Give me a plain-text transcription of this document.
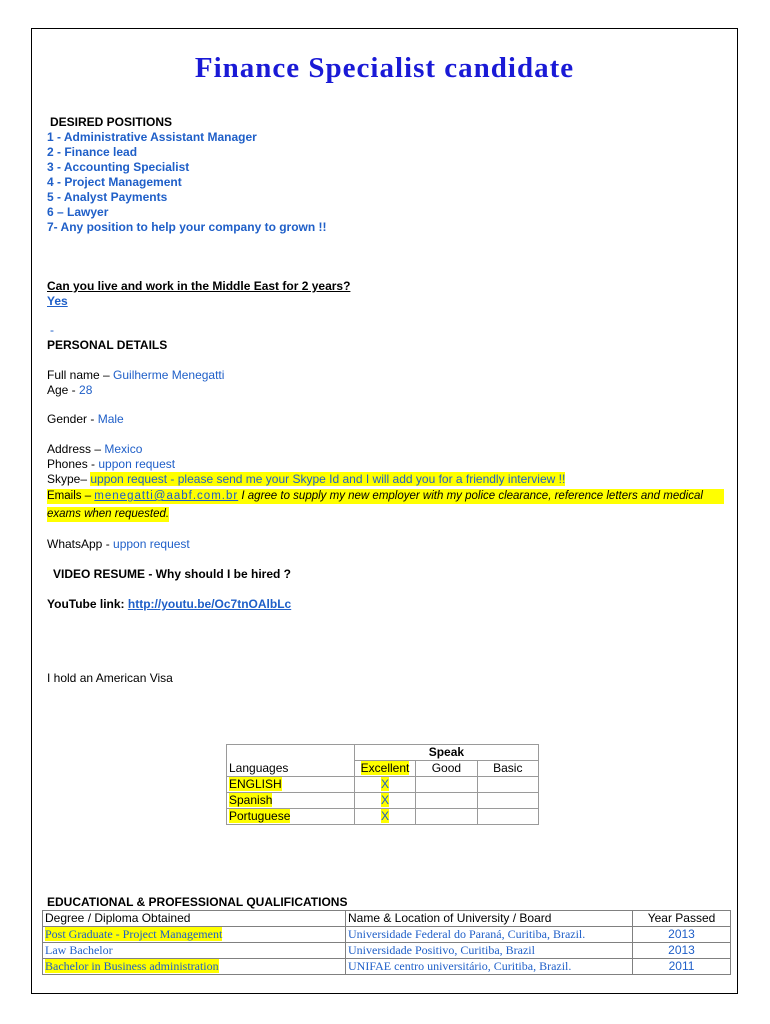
Finance Specialist candidate
DESIRED POSITIONS
1 - Administrative Assistant Manager
2 - Finance lead
3 - Accounting Specialist
4 - Project Management
5 - Analyst Payments
6 – Lawyer
7- Any position to help your company to grown !!
Can you live and work in the Middle East for 2 years?
Yes
-
PERSONAL DETAILS
Full name – Guilherme Menegatti
Age - 28
Gender - Male
Address – Mexico
Phones - uppon request
Skype– uppon request - please send me your Skype Id and I will add you for a friendly interview !!
Emails – menegatti@aabf.com.br I agree to supply my new employer with my police clearance, reference letters and medical
exams when requested.
WhatsApp - uppon request
VIDEO RESUME - Why should I be hired ?
YouTube link: http://youtu.be/Oc7tnOAlbLc
I hold an American Visa
	Speak		
Languages	Excellent	Good	Basic
ENGLISH	X		
Spanish	X		
Portuguese	X		
EDUCATIONAL & PROFESSIONAL QUALIFICATIONS
Degree / Diploma Obtained	Name & Location of University / Board	Year Passed
Post Graduate - Project Management	Universidade Federal do Paraná, Curitiba, Brazil.	2013
Law Bachelor	Universidade Positivo, Curitiba, Brazil	2013
Bachelor in Business administration	UNIFAE centro universitário, Curitiba, Brazil.	2011
